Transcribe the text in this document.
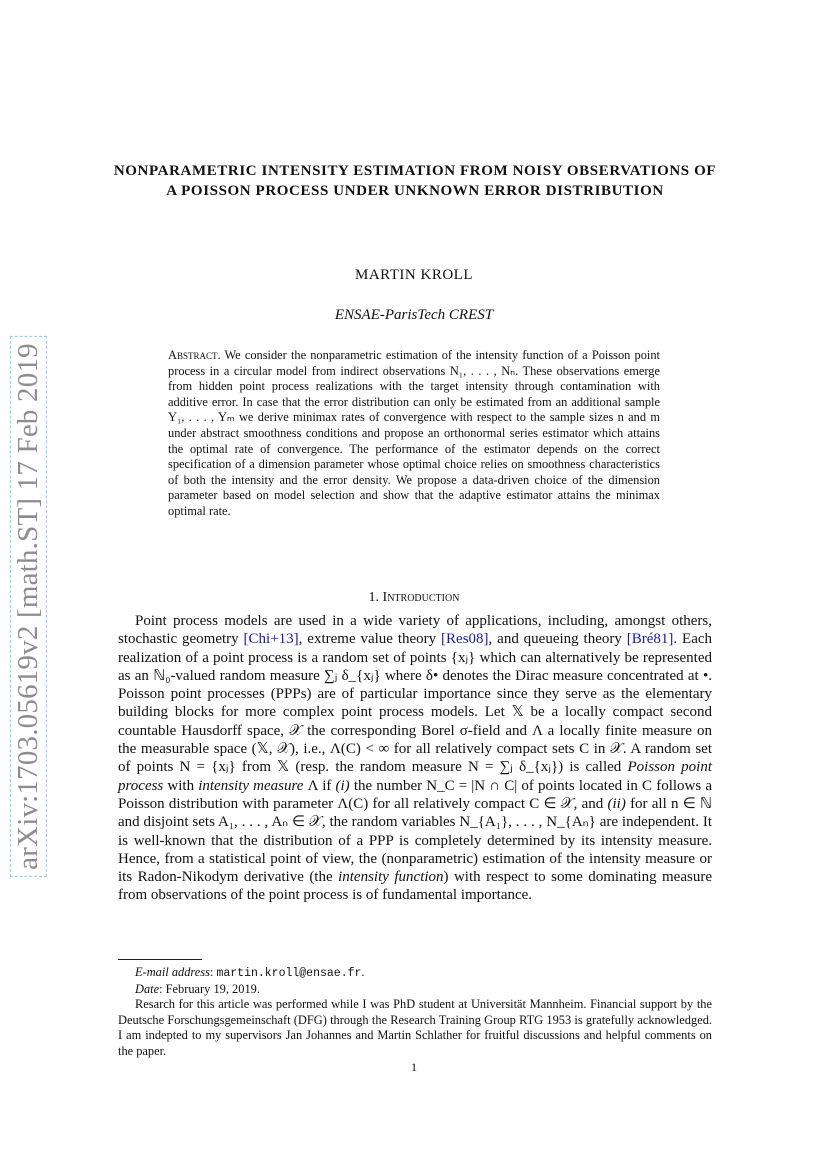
arXiv:1703.05619v2 [math.ST] 17 Feb 2019
NONPARAMETRIC INTENSITY ESTIMATION FROM NOISY OBSERVATIONS OF A POISSON PROCESS UNDER UNKNOWN ERROR DISTRIBUTION
MARTIN KROLL
ENSAE-ParisTech CREST
Abstract. We consider the nonparametric estimation of the intensity function of a Poisson point process in a circular model from indirect observations N₁, . . . , Nₙ. These observations emerge from hidden point process realizations with the target intensity through contamination with additive error. In case that the error distribution can only be estimated from an additional sample Y₁, . . . , Yₘ we derive minimax rates of convergence with respect to the sample sizes n and m under abstract smoothness conditions and propose an orthonormal series estimator which attains the optimal rate of convergence. The performance of the estimator depends on the correct specification of a dimension parameter whose optimal choice relies on smoothness characteristics of both the intensity and the error density. We propose a data-driven choice of the dimension parameter based on model selection and show that the adaptive estimator attains the minimax optimal rate.
1. Introduction
Point process models are used in a wide variety of applications, including, amongst others, stochastic geometry [Chi+13], extreme value theory [Res08], and queueing theory [Bré81]. Each realization of a point process is a random set of points {xⱼ} which can alternatively be represented as an ℕ₀-valued random measure ∑ⱼ δ_{xⱼ} where δ• denotes the Dirac measure concentrated at •. Poisson point processes (PPPs) are of particular importance since they serve as the elementary building blocks for more complex point process models. Let 𝕏 be a locally compact second countable Hausdorff space, 𝒳 the corresponding Borel σ-field and Λ a locally finite measure on the measurable space (𝕏, 𝒳), i.e., Λ(C) < ∞ for all relatively compact sets C in 𝒳. A random set of points N = {xⱼ} from 𝕏 (resp. the random measure N = ∑ⱼ δ_{xⱼ}) is called Poisson point process with intensity measure Λ if (i) the number N_C = |N ∩ C| of points located in C follows a Poisson distribution with parameter Λ(C) for all relatively compact C ∈ 𝒳, and (ii) for all n ∈ ℕ and disjoint sets A₁, . . . , Aₙ ∈ 𝒳, the random variables N_{A₁}, . . . , N_{Aₙ} are independent. It is well-known that the distribution of a PPP is completely determined by its intensity measure. Hence, from a statistical point of view, the (nonparametric) estimation of the intensity measure or its Radon-Nikodym derivative (the intensity function) with respect to some dominating measure from observations of the point process is of fundamental importance.

E-mail address: martin.kroll@ensae.fr.

Date: February 19, 2019.

Resarch for this article was performed while I was PhD student at Universität Mannheim. Financial support by the Deutsche Forschungsgemeinschaft (DFG) through the Research Training Group RTG 1953 is gratefully acknowledged. I am indepted to my supervisors Jan Johannes and Martin Schlather for fruitful discussions and helpful comments on the paper.

1
